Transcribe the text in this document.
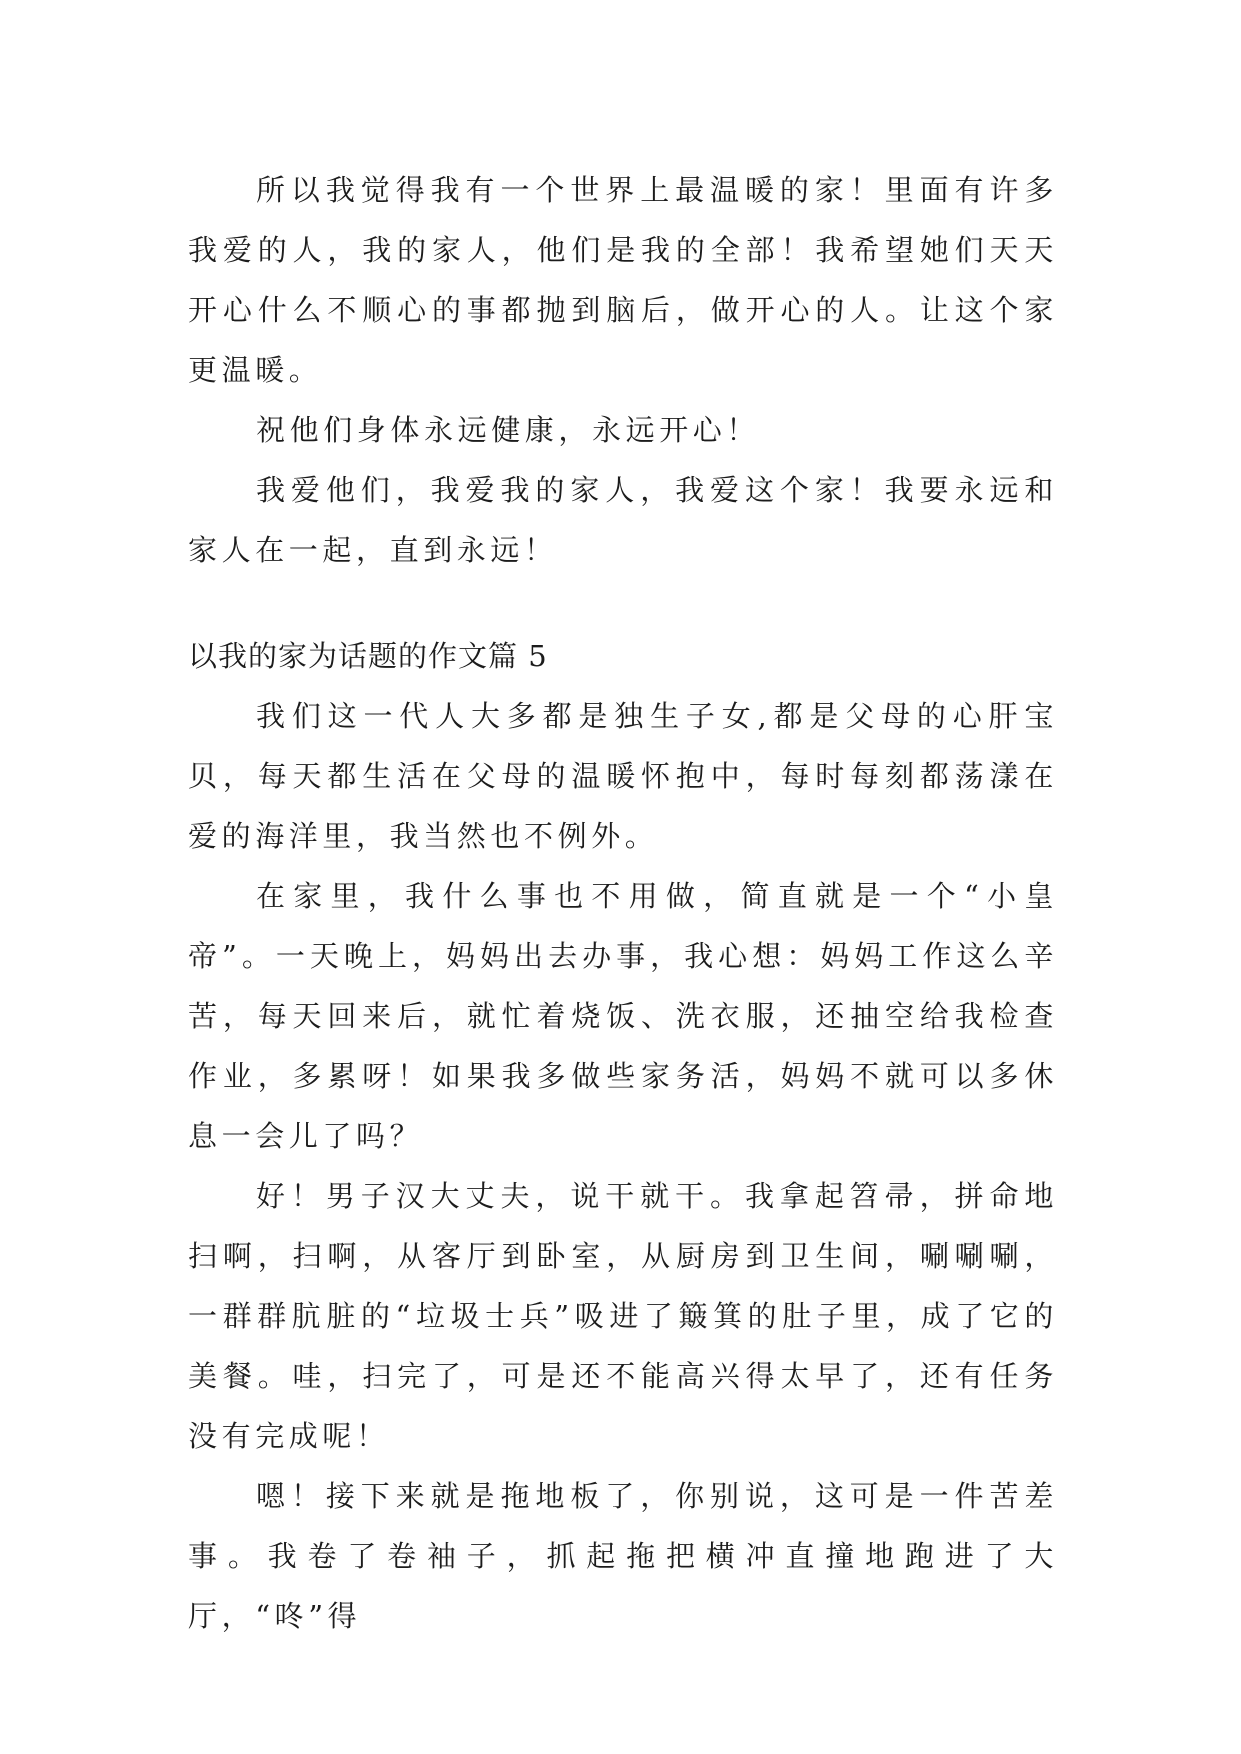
所以我觉得我有一个世界上最温暖的家！里面有许多我爱的人，我的家人，他们是我的全部！我希望她们天天开心什么不顺心的事都抛到脑后，做开心的人。让这个家更温暖。

祝他们身体永远健康，永远开心！

我爱他们，我爱我的家人，我爱这个家！我要永远和家人在一起，直到永远！

以我的家为话题的作文篇 5

我们这一代人大多都是独生子女,都是父母的心肝宝贝，每天都生活在父母的温暖怀抱中，每时每刻都荡漾在爱的海洋里，我当然也不例外。

在家里，我什么事也不用做，简直就是一个“小皇帝”。一天晚上，妈妈出去办事，我心想：妈妈工作这么辛苦，每天回来后，就忙着烧饭、洗衣服，还抽空给我检查作业，多累呀！如果我多做些家务活，妈妈不就可以多休息一会儿了吗？

好！男子汉大丈夫，说干就干。我拿起笤帚，拼命地扫啊，扫啊，从客厅到卧室，从厨房到卫生间，唰唰唰，一群群肮脏的“垃圾士兵”吸进了簸箕的肚子里，成了它的美餐。哇，扫完了，可是还不能高兴得太早了，还有任务没有完成呢！

嗯！接下来就是拖地板了，你别说，这可是一件苦差事。我卷了卷袖子，抓起拖把横冲直撞地跑进了大厅，“咚”得
